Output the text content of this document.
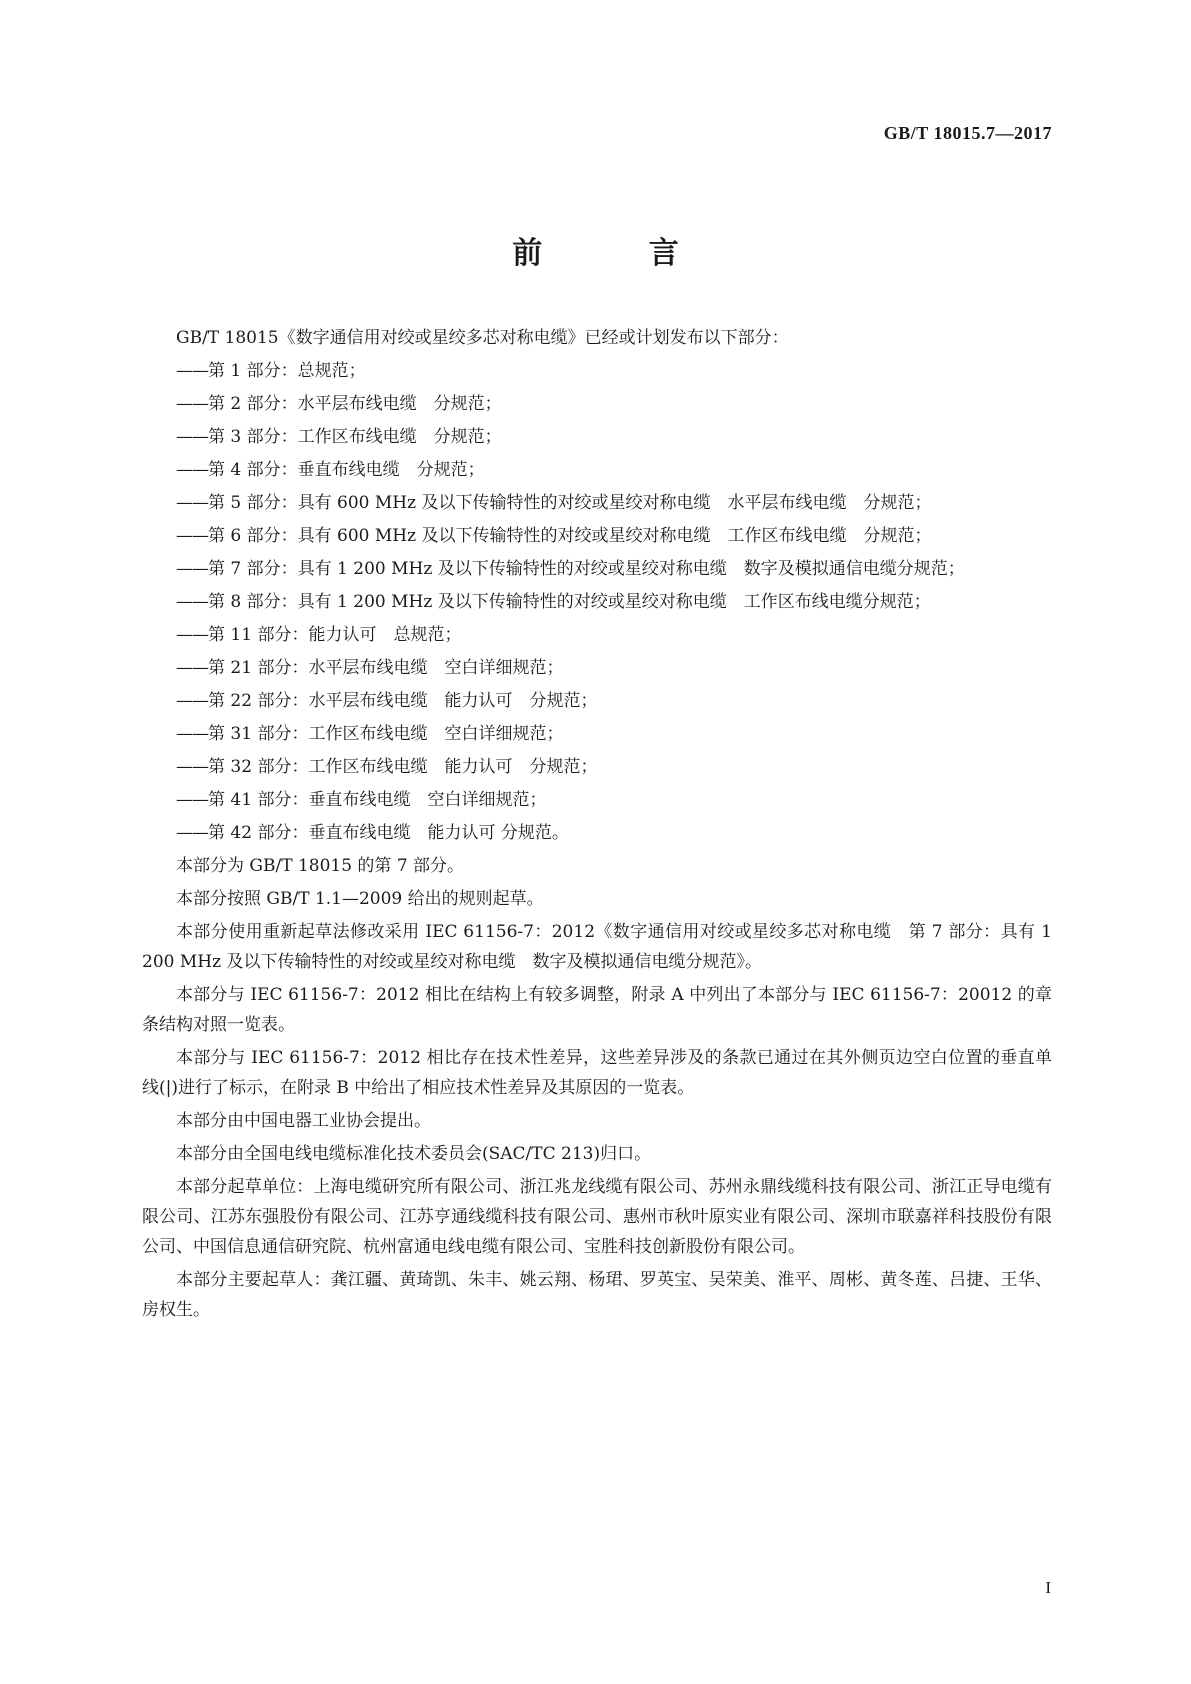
GB/T 18015.7—2017
前 言

GB/T 18015《数字通信用对绞或星绞多芯对称电缆》已经或计划发布以下部分：

——第 1 部分：总规范；

——第 2 部分：水平层布线电缆　分规范；

——第 3 部分：工作区布线电缆　分规范；

——第 4 部分：垂直布线电缆　分规范；

——第 5 部分：具有 600 MHz 及以下传输特性的对绞或星绞对称电缆　水平层布线电缆　分规范；

——第 6 部分：具有 600 MHz 及以下传输特性的对绞或星绞对称电缆　工作区布线电缆　分规范；

——第 7 部分：具有 1 200 MHz 及以下传输特性的对绞或星绞对称电缆　数字及模拟通信电缆分规范；

——第 8 部分：具有 1 200 MHz 及以下传输特性的对绞或星绞对称电缆　工作区布线电缆分规范；

——第 11 部分：能力认可　总规范；

——第 21 部分：水平层布线电缆　空白详细规范；

——第 22 部分：水平层布线电缆　能力认可　分规范；

——第 31 部分：工作区布线电缆　空白详细规范；

——第 32 部分：工作区布线电缆　能力认可　分规范；

——第 41 部分：垂直布线电缆　空白详细规范；

——第 42 部分：垂直布线电缆　能力认可 分规范。

本部分为 GB/T 18015 的第 7 部分。

本部分按照 GB/T 1.1—2009 给出的规则起草。

本部分使用重新起草法修改采用 IEC 61156-7：2012《数字通信用对绞或星绞多芯对称电缆　第 7 部分：具有 1 200 MHz 及以下传输特性的对绞或星绞对称电缆　数字及模拟通信电缆分规范》。

本部分与 IEC 61156-7：2012 相比在结构上有较多调整，附录 A 中列出了本部分与 IEC 61156-7：20012 的章条结构对照一览表。

本部分与 IEC 61156-7：2012 相比存在技术性差异，这些差异涉及的条款已通过在其外侧页边空白位置的垂直单线(|)进行了标示，在附录 B 中给出了相应技术性差异及其原因的一览表。

本部分由中国电器工业协会提出。

本部分由全国电线电缆标准化技术委员会(SAC/TC 213)归口。

本部分起草单位：上海电缆研究所有限公司、浙江兆龙线缆有限公司、苏州永鼎线缆科技有限公司、浙江正导电缆有限公司、江苏东强股份有限公司、江苏亨通线缆科技有限公司、惠州市秋叶原实业有限公司、深圳市联嘉祥科技股份有限公司、中国信息通信研究院、杭州富通电线电缆有限公司、宝胜科技创新股份有限公司。

本部分主要起草人：龚江疆、黄琦凯、朱丰、姚云翔、杨珺、罗英宝、吴荣美、淮平、周彬、黄冬莲、吕捷、王华、房权生。

I
